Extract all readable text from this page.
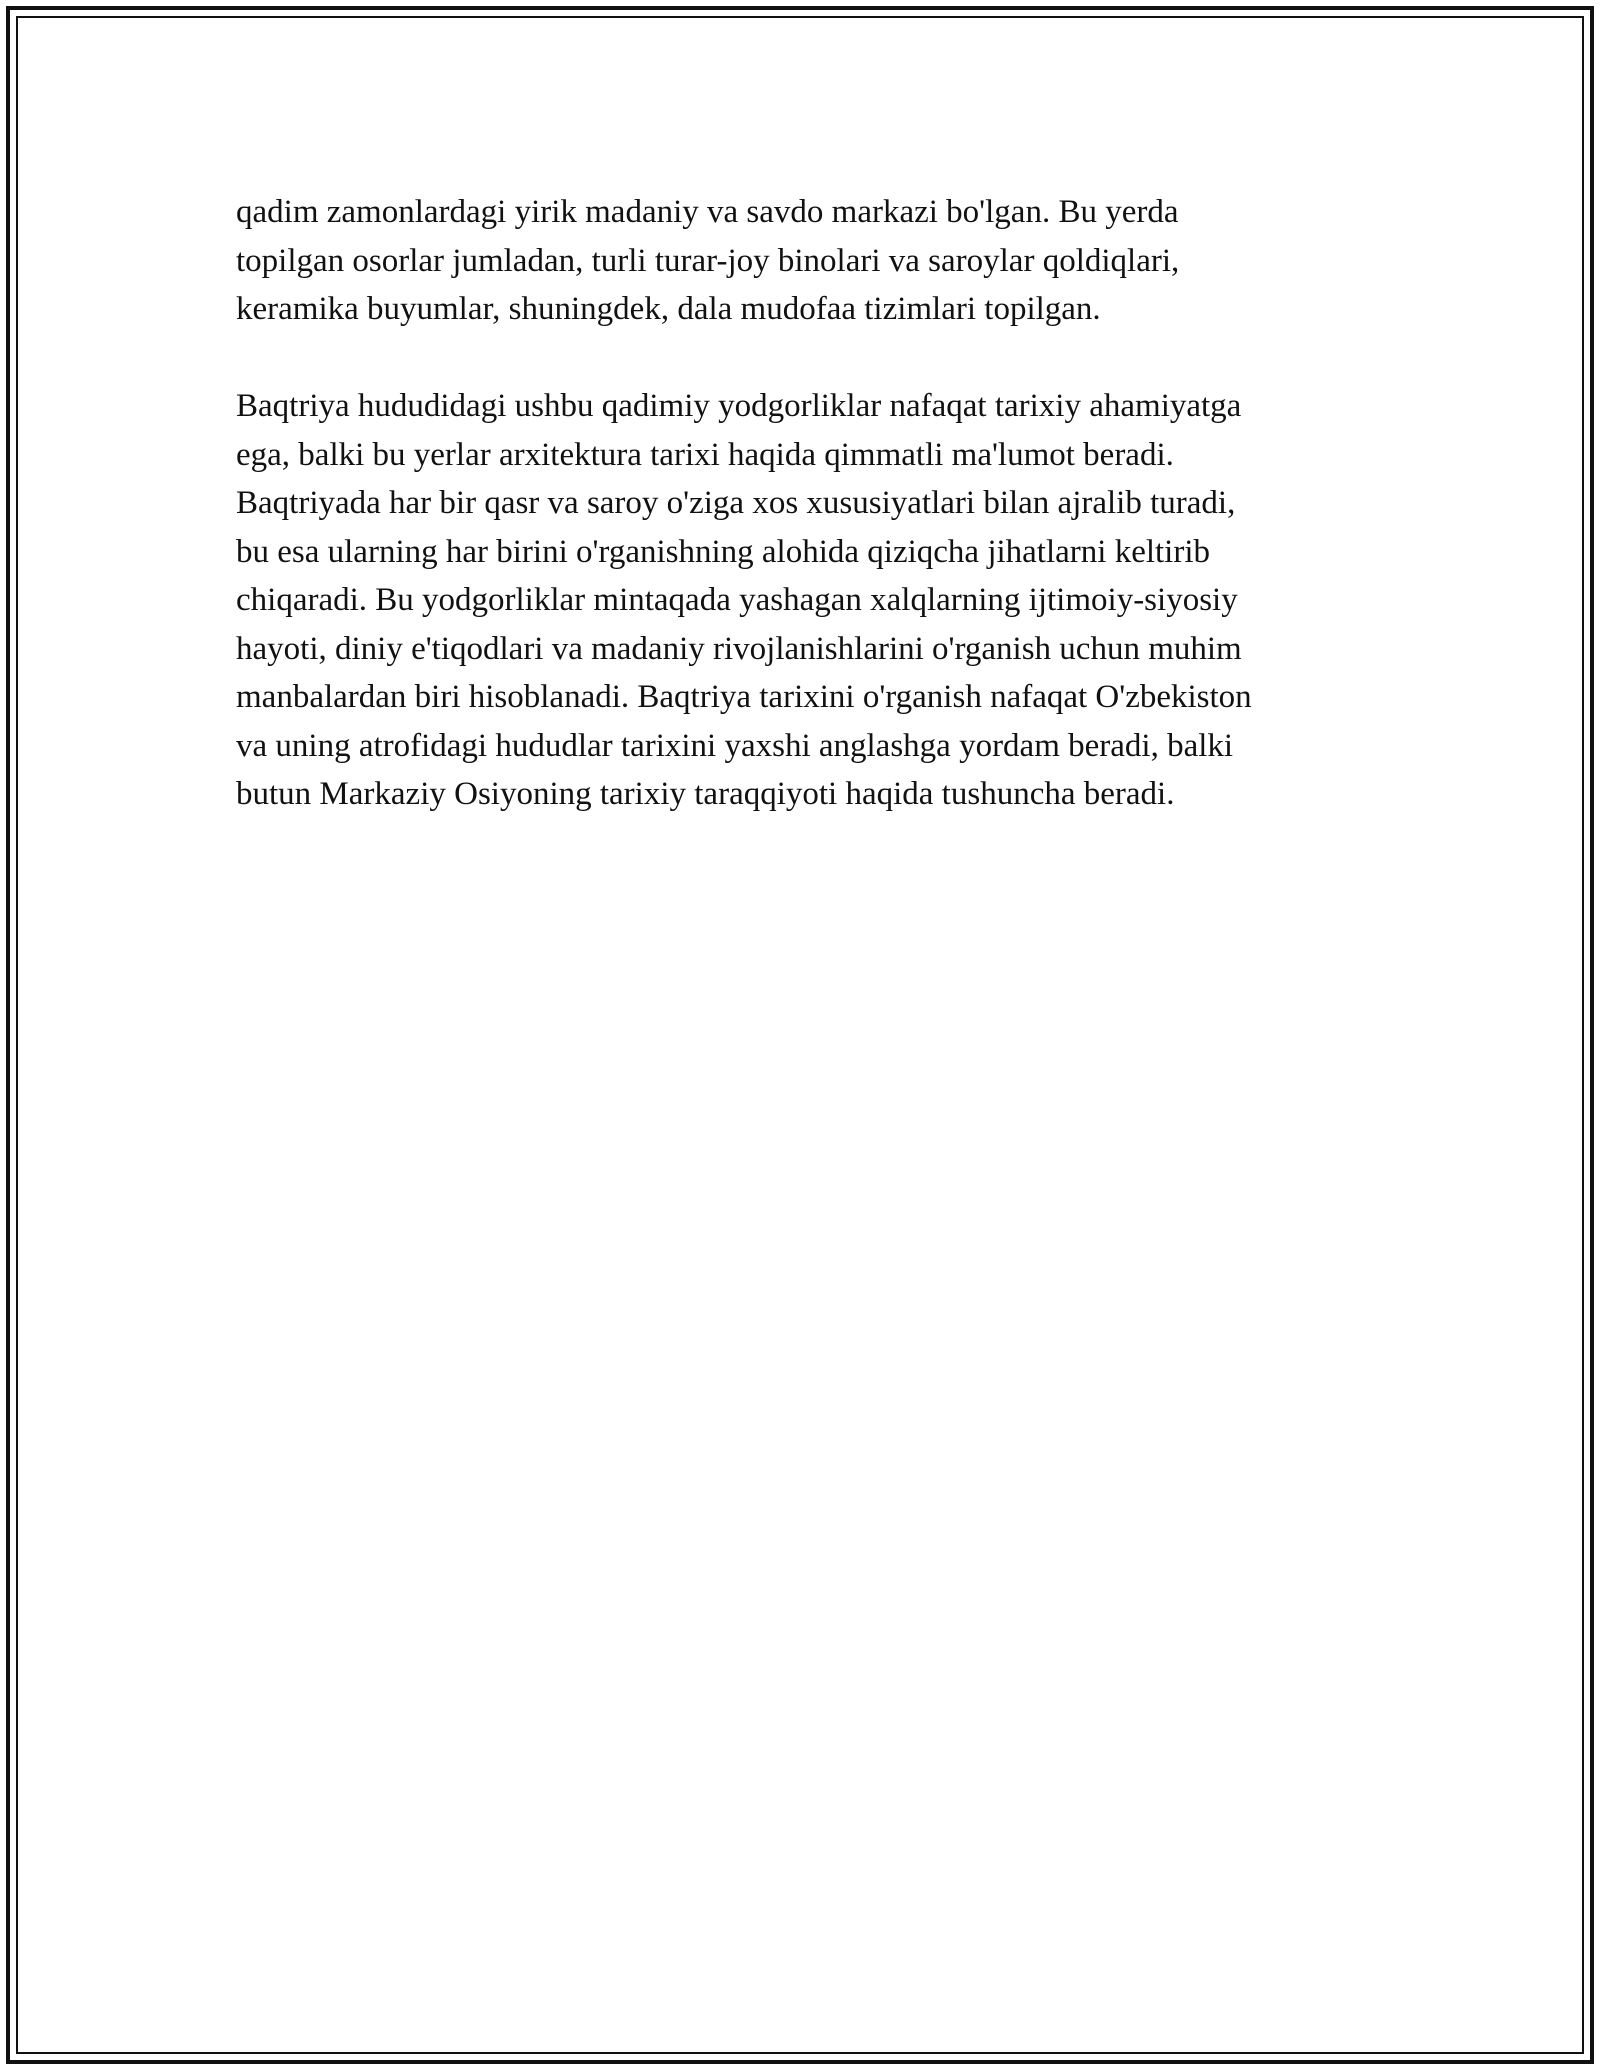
qadim zamonlardagi yirik madaniy va savdo markazi bo'lgan. Bu yerda
topilgan osorlar jumladan, turli turar-joy binolari va saroylar qoldiqlari,
keramika buyumlar, shuningdek, dala mudofaa tizimlari topilgan.

Baqtriya hududidagi ushbu qadimiy yodgorliklar nafaqat tarixiy ahamiyatga
ega, balki bu yerlar arxitektura tarixi haqida qimmatli ma'lumot beradi.
Baqtriyada har bir qasr va saroy o'ziga xos xususiyatlari bilan ajralib turadi,
bu esa ularning har birini o'rganishning alohida qiziqcha jihatlarni keltirib
chiqaradi. Bu yodgorliklar mintaqada yashagan xalqlarning ijtimoiy-siyosiy
hayoti, diniy e'tiqodlari va madaniy rivojlanishlarini o'rganish uchun muhim
manbalardan biri hisoblanadi. Baqtriya tarixini o'rganish nafaqat O'zbekiston
va uning atrofidagi hududlar tarixini yaxshi anglashga yordam beradi, balki
butun Markaziy Osiyoning tarixiy taraqqiyoti haqida tushuncha beradi.
